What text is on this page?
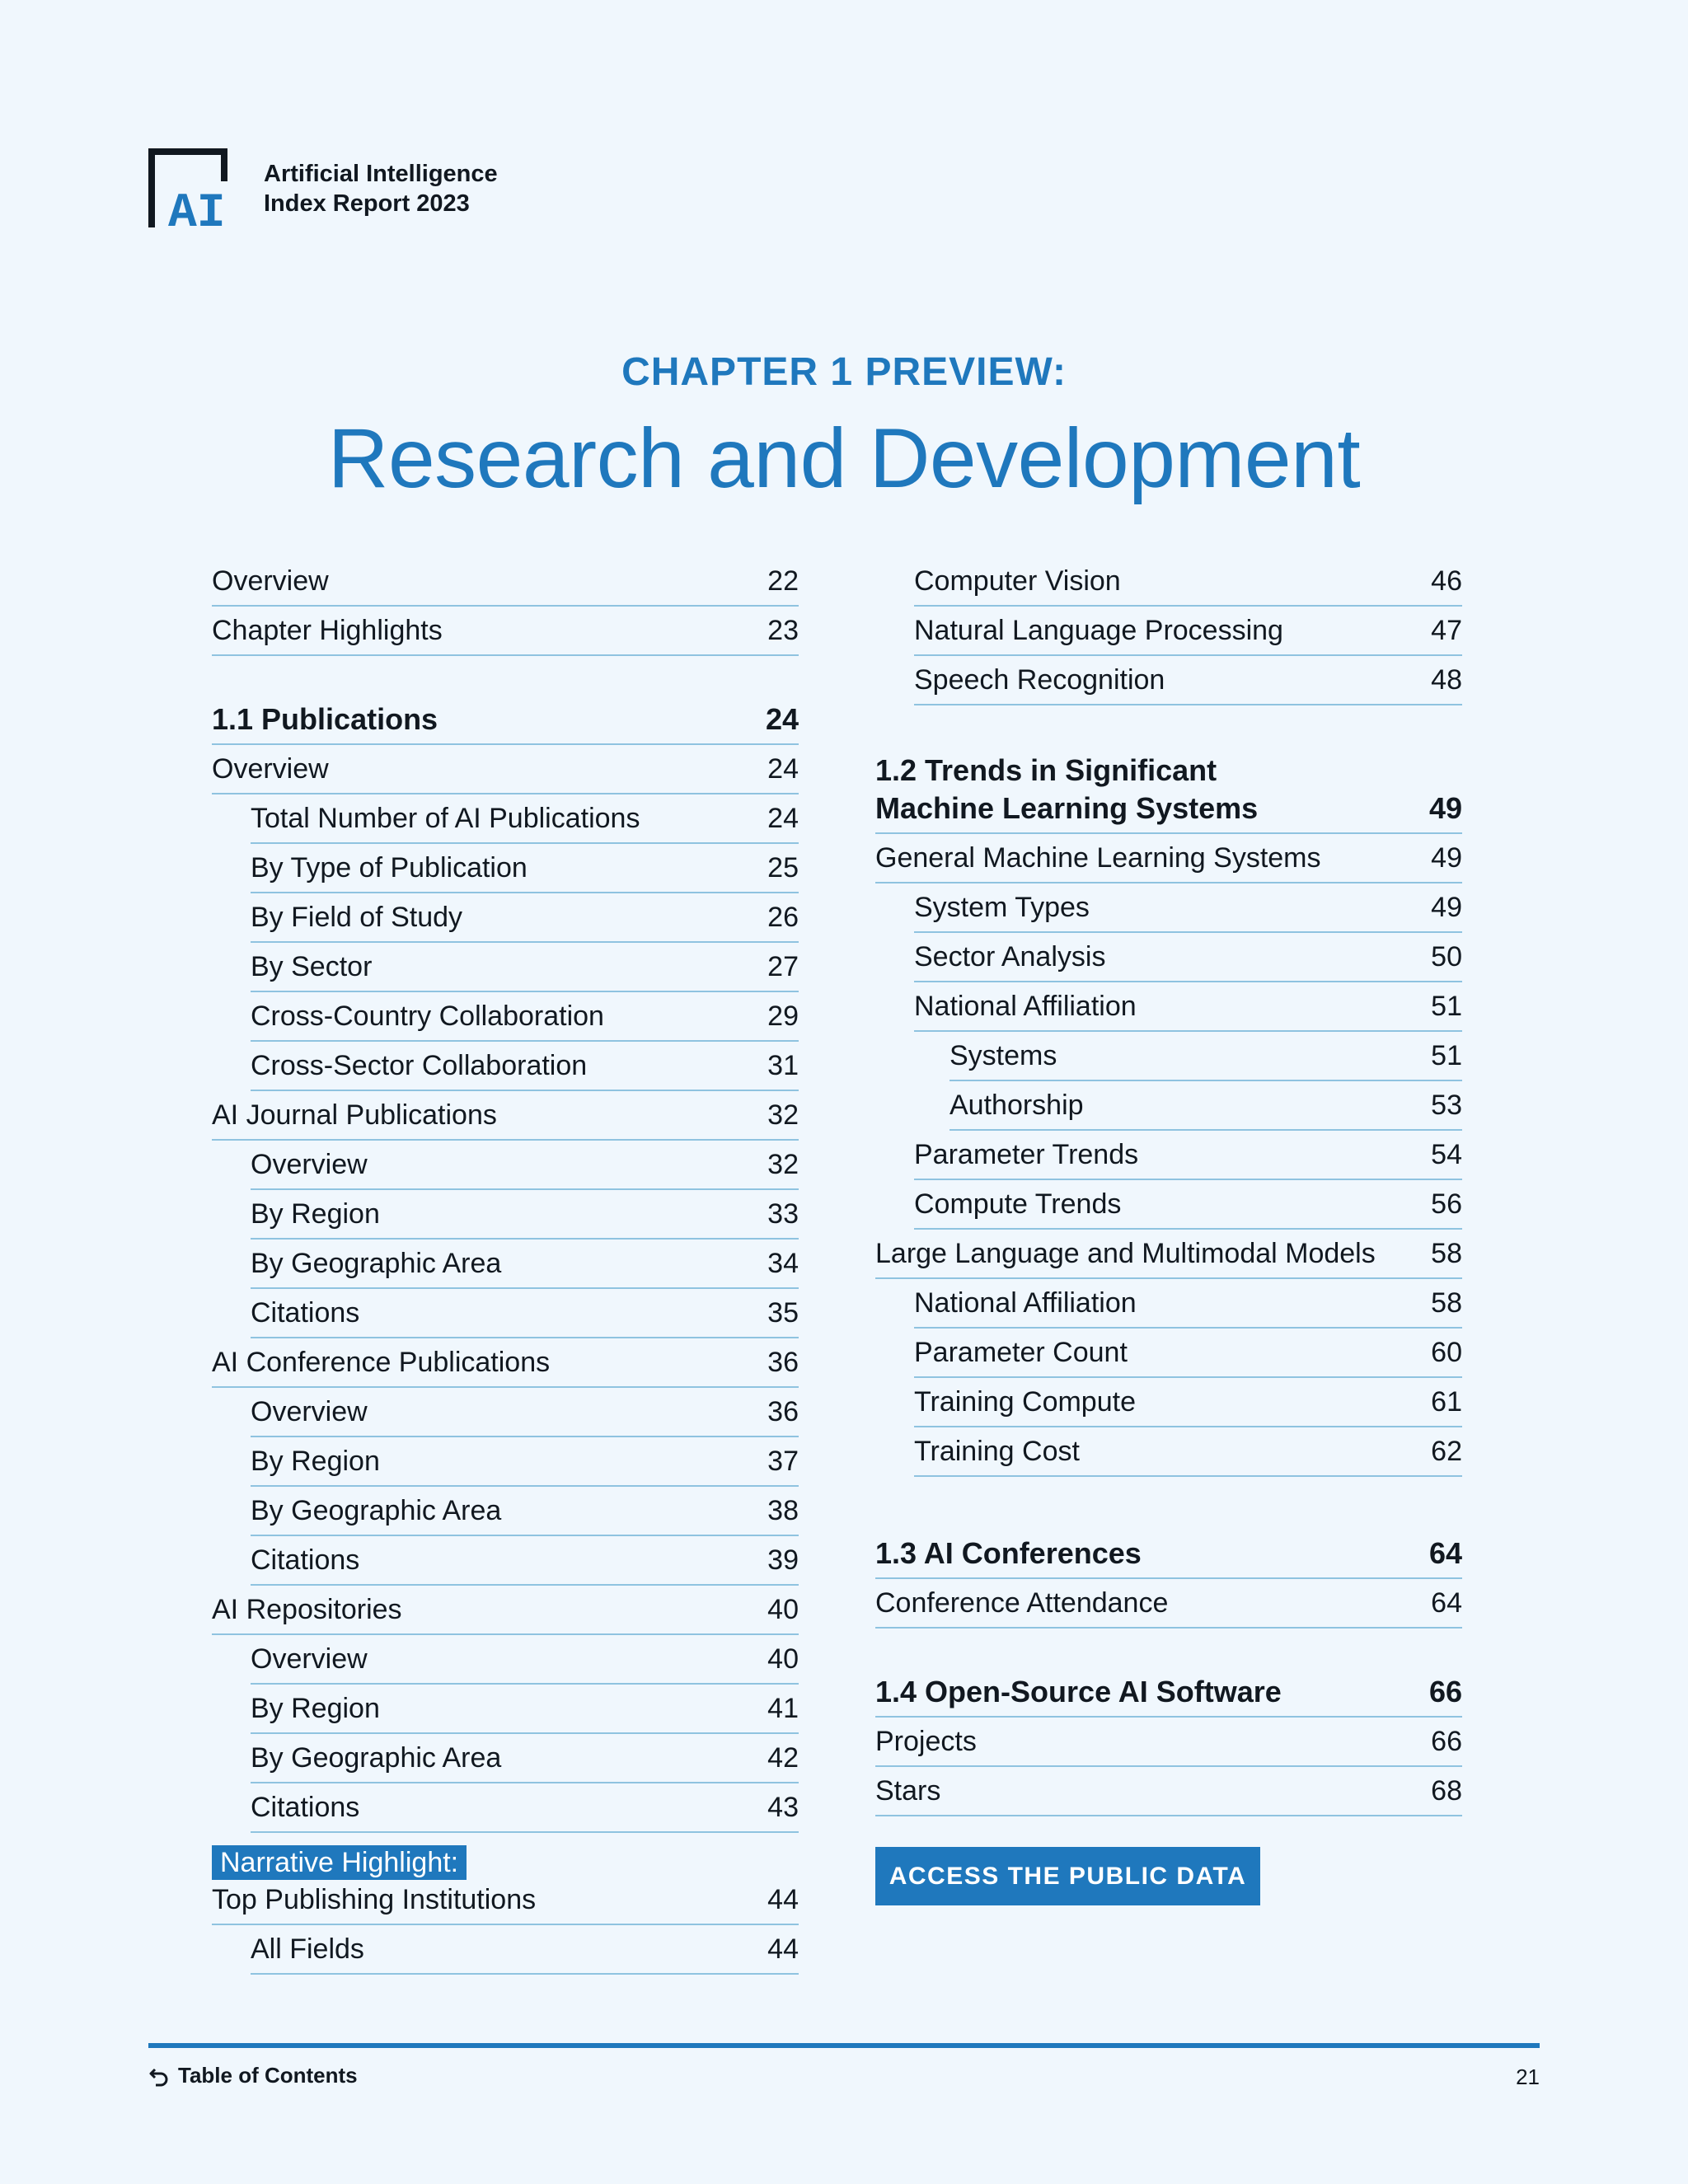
AI
Artificial Intelligence
Index Report 2023
CHAPTER 1 PREVIEW:
Research and Development
Narrative Highlight:
Overview	22
Chapter Highlights	23
1.1 Publications	24
Overview	24
Total Number of AI Publications	24
By Type of Publication	25
By Field of Study	26
By Sector	27
Cross-Country Collaboration	29
Cross-Sector Collaboration	31
AI Journal Publications	32
Overview	32
By Region	33
By Geographic Area	34
Citations	35
AI Conference Publications	36
Overview	36
By Region	37
By Geographic Area	38
Citations	39
AI Repositories	40
Overview	40
By Region	41
By Geographic Area	42
Citations	43
Top Publishing Institutions	44
All Fields	44
Computer Vision	46
Natural Language Processing	47
Speech Recognition	48
1.2 Trends in Significant
Machine Learning Systems	49
General Machine Learning Systems	49
System Types	49
Sector Analysis	50
National Affiliation	51
Systems	51
Authorship	53
Parameter Trends	54
Compute Trends	56
Large Language and Multimodal Models 58
National Affiliation	58
Parameter Count	60
Training Compute	61
Training Cost	62
1.3 AI Conferences	64
Conference Attendance	64
1.4 Open-Source AI Software	66
Projects	66
Stars	68
ACCESS THE PUBLIC DATA
Table of Contents	21
